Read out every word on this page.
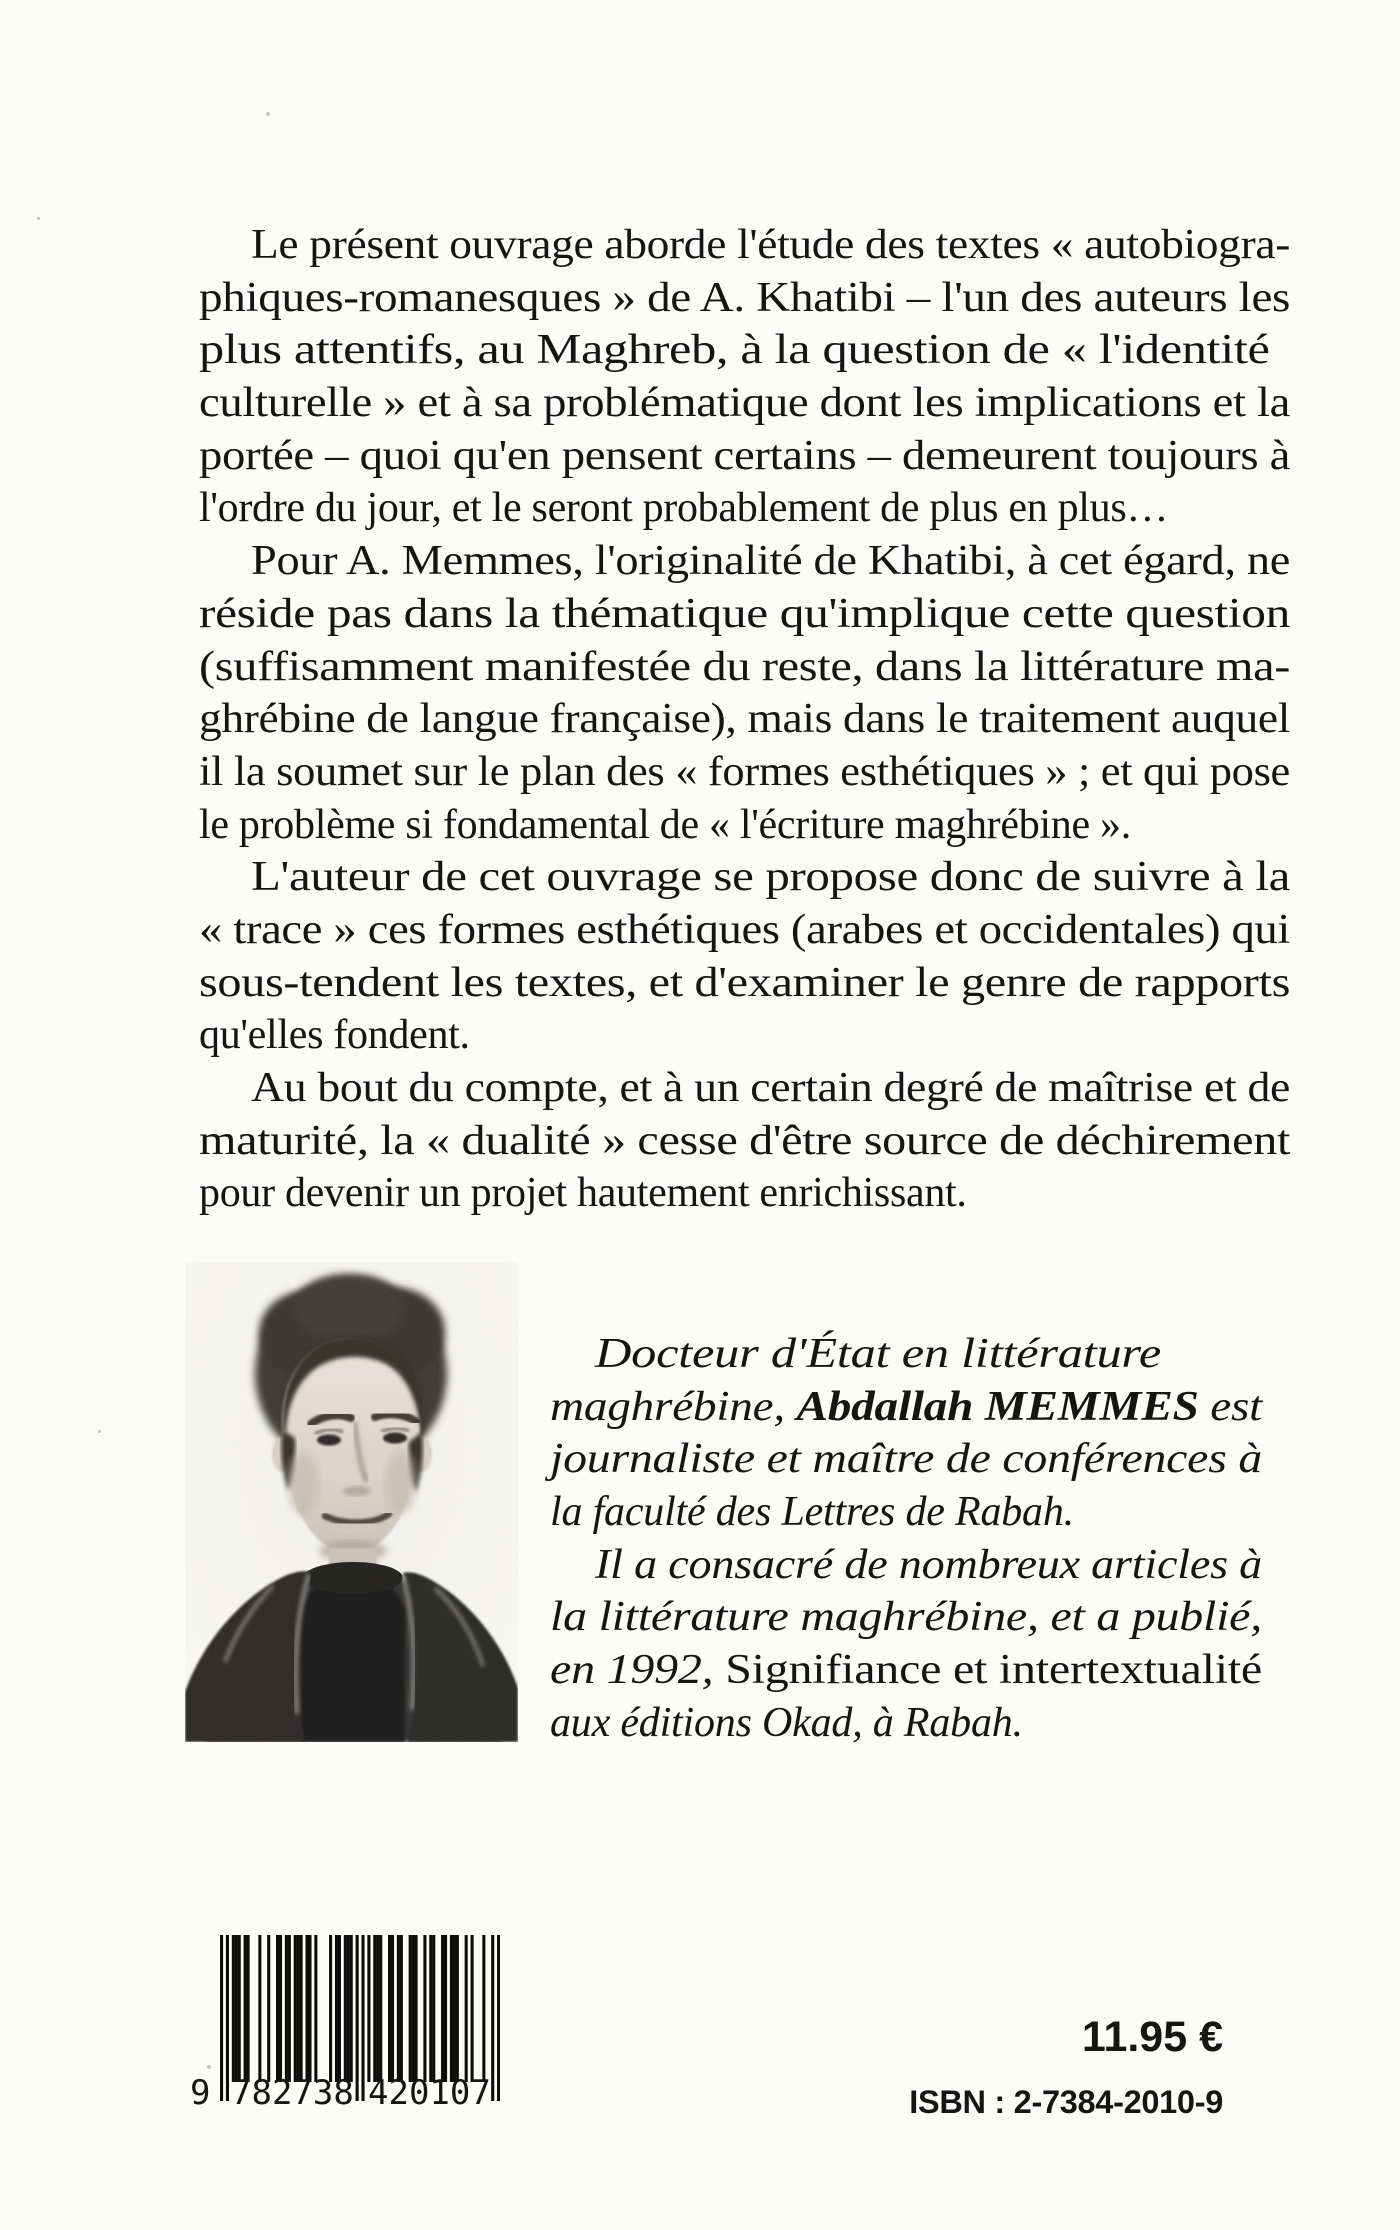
Le présent ouvrage aborde l'étude des textes « autobiogra-
phiques-romanesques » de A. Khatibi – l'un des auteurs les
plus attentifs, au Maghreb, à la question de « l'identité
culturelle » et à sa problématique dont les implications et la
portée – quoi qu'en pensent certains – demeurent toujours à
l'ordre du jour, et le seront probablement de plus en plus…
Pour A. Memmes, l'originalité de Khatibi, à cet égard, ne
réside pas dans la thématique qu'implique cette question
(suffisamment manifestée du reste, dans la littérature ma-
ghrébine de langue française), mais dans le traitement auquel
il la soumet sur le plan des « formes esthétiques » ; et qui pose
le problème si fondamental de « l'écriture maghrébine ».
L'auteur de cet ouvrage se propose donc de suivre à la
« trace » ces formes esthétiques (arabes et occidentales) qui
sous-tendent les textes, et d'examiner le genre de rapports
qu'elles fondent.
Au bout du compte, et à un certain degré de maîtrise et de
maturité, la « dualité » cesse d'être source de déchirement
pour devenir un projet hautement enrichissant.
Docteur d'État en littérature
maghrébine, Abdallah MEMMES est
journaliste et maître de conférences à
la faculté des Lettres de Rabah.
Il a consacré de nombreux articles à
la littérature maghrébine, et a publié,
en 1992, Signifiance et intertextualité
aux éditions Okad, à Rabah.
9 782738 420107
11.95 €
ISBN : 2-7384-2010-9
